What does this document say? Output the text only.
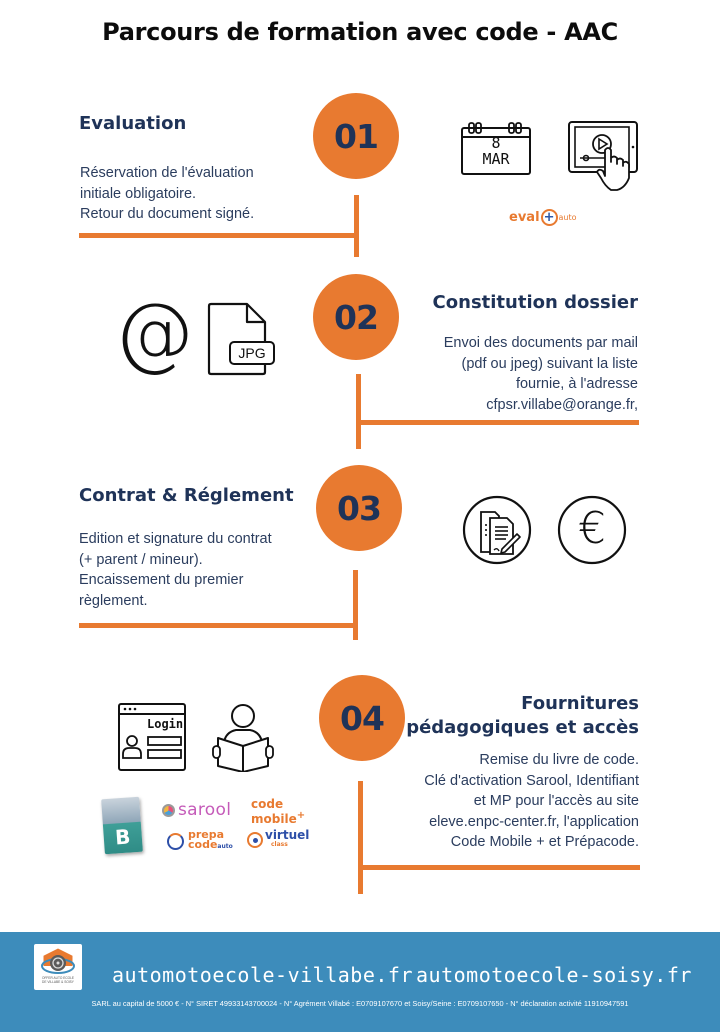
Parcours de formation avec code - AAC
Evaluation	01
Réservation de l'évaluation
initiale obligatoire.
Retour du document signé.
8
MAR
eval + auto
02	Constitution dossier
Envoi des documents par mail
(pdf ou jpeg) suivant la liste
fournie, à l'adresse
cfpsr.villabe@orange.fr,
@	JPG
Contrat & Réglement	03
Edition et signature du contrat
(+ parent / mineur).
Encaissement du premier
règlement.
€
04	Fournitures
pédagogiques et accès
Remise du livre de code.
Clé d'activation Sarool, Identifiant
et MP pour l'accès au site
eleve.enpc-center.fr, l'application
Code Mobile + et Prépacode.
Login
B
sarool code
mobile+
prepa
codeauto
virtuel
class
OFFER AUTO ECOLE
DE VILLABE & SOISY	automotoecole-villabe.fr automotoecole-soisy.fr
SARL au capital de 5000 € - N° SIRET 49933143700024 - N° Agrément Villabé : E0709107670 et Soisy/Seine : E0709107650 - N° déclaration activité 11910947591
